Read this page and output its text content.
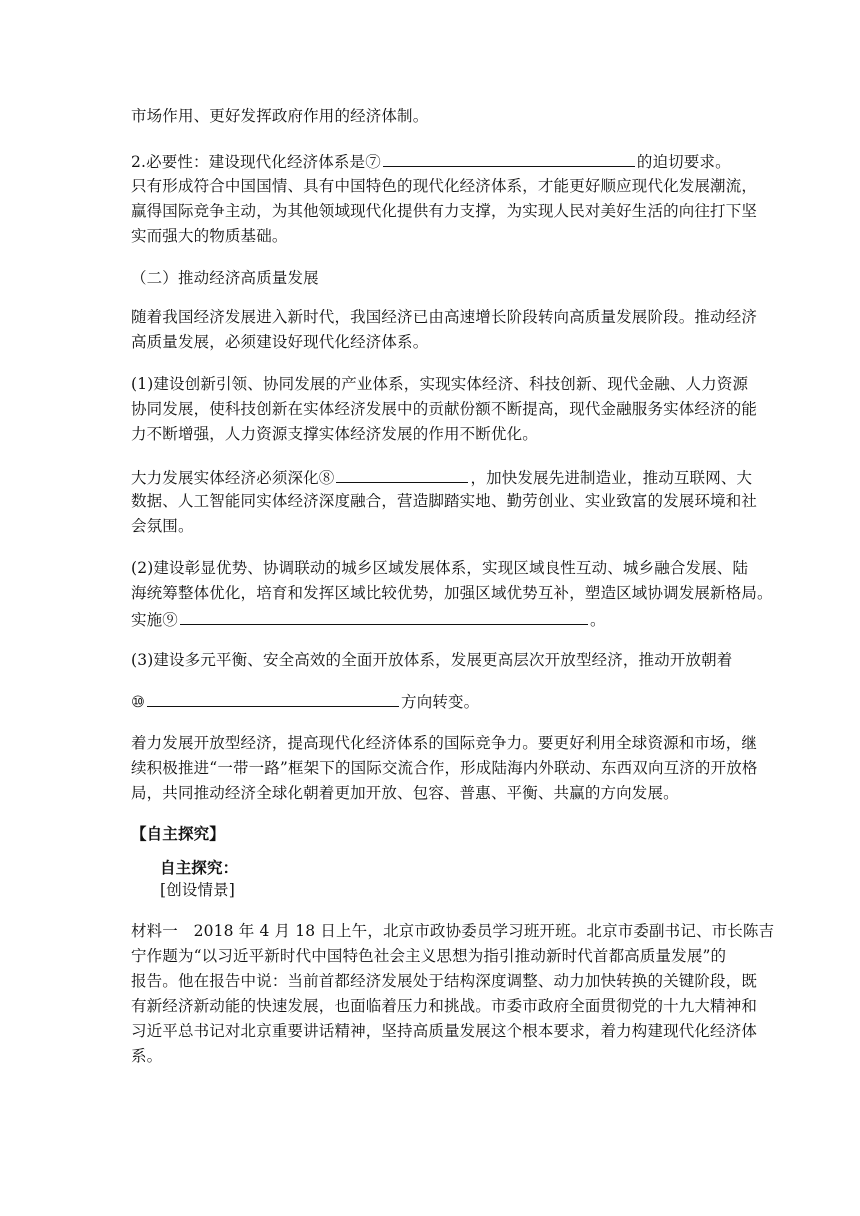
市场作用、更好发挥政府作用的经济体制。
2.必要性：建设现代化经济体系是⑦	的迫切要求。
只有形成符合中国国情、具有中国特色的现代化经济体系，才能更好顺应现代化发展潮流，
赢得国际竞争主动，为其他领域现代化提供有力支撑，为实现人民对美好生活的向往打下坚
实而强大的物质基础。
（二）推动经济高质量发展
随着我国经济发展进入新时代，我国经济已由高速增长阶段转向高质量发展阶段。推动经济
高质量发展，必须建设好现代化经济体系。
(1)建设创新引领、协同发展的产业体系，实现实体经济、科技创新、现代金融、人力资源
协同发展，使科技创新在实体经济发展中的贡献份额不断提高，现代金融服务实体经济的能
力不断增强，人力资源支撑实体经济发展的作用不断优化。
大力发展实体经济必须深化⑧	，加快发展先进制造业，推动互联网、大
数据、人工智能同实体经济深度融合，营造脚踏实地、勤劳创业、实业致富的发展环境和社
会氛围。
(2)建设彰显优势、协调联动的城乡区域发展体系，实现区域良性互动、城乡融合发展、陆
海统筹整体优化，培育和发挥区域比较优势，加强区域优势互补，塑造区域协调发展新格局。
实施⑨	。
(3)建设多元平衡、安全高效的全面开放体系，发展更高层次开放型经济，推动开放朝着
⑩	方向转变。
着力发展开放型经济，提高现代化经济体系的国际竞争力。要更好利用全球资源和市场，继
续积极推进“一带一路”框架下的国际交流合作，形成陆海内外联动、东西双向互济的开放格
局，共同推动经济全球化朝着更加开放、包容、普惠、平衡、共赢的方向发展。
【自主探究】
自主探究：
[创设情景]
材料一　2018 年 4 月 18 日上午，北京市政协委员学习班开班。北京市委副书记、市长陈吉
宁作题为“以习近平新时代中国特色社会主义思想为指引推动新时代首都高质量发展”的
报告。他在报告中说：当前首都经济发展处于结构深度调整、动力加快转换的关键阶段，既
有新经济新动能的快速发展，也面临着压力和挑战。市委市政府全面贯彻党的十九大精神和
习近平总书记对北京重要讲话精神，坚持高质量发展这个根本要求，着力构建现代化经济体
系。
